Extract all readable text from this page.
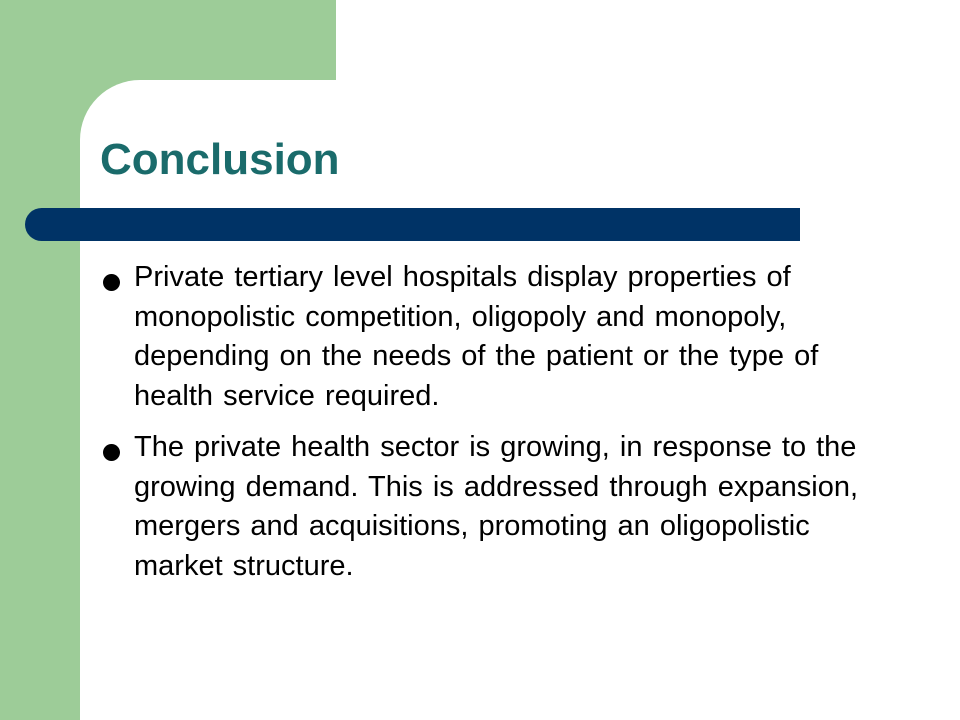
Conclusion
Private tertiary level hospitals display properties of monopolistic competition, oligopoly and monopoly, depending on the needs of the patient or the type of health service required.
The private health sector is growing, in response to the growing demand. This is addressed through expansion, mergers and acquisitions, promoting an oligopolistic market structure.
